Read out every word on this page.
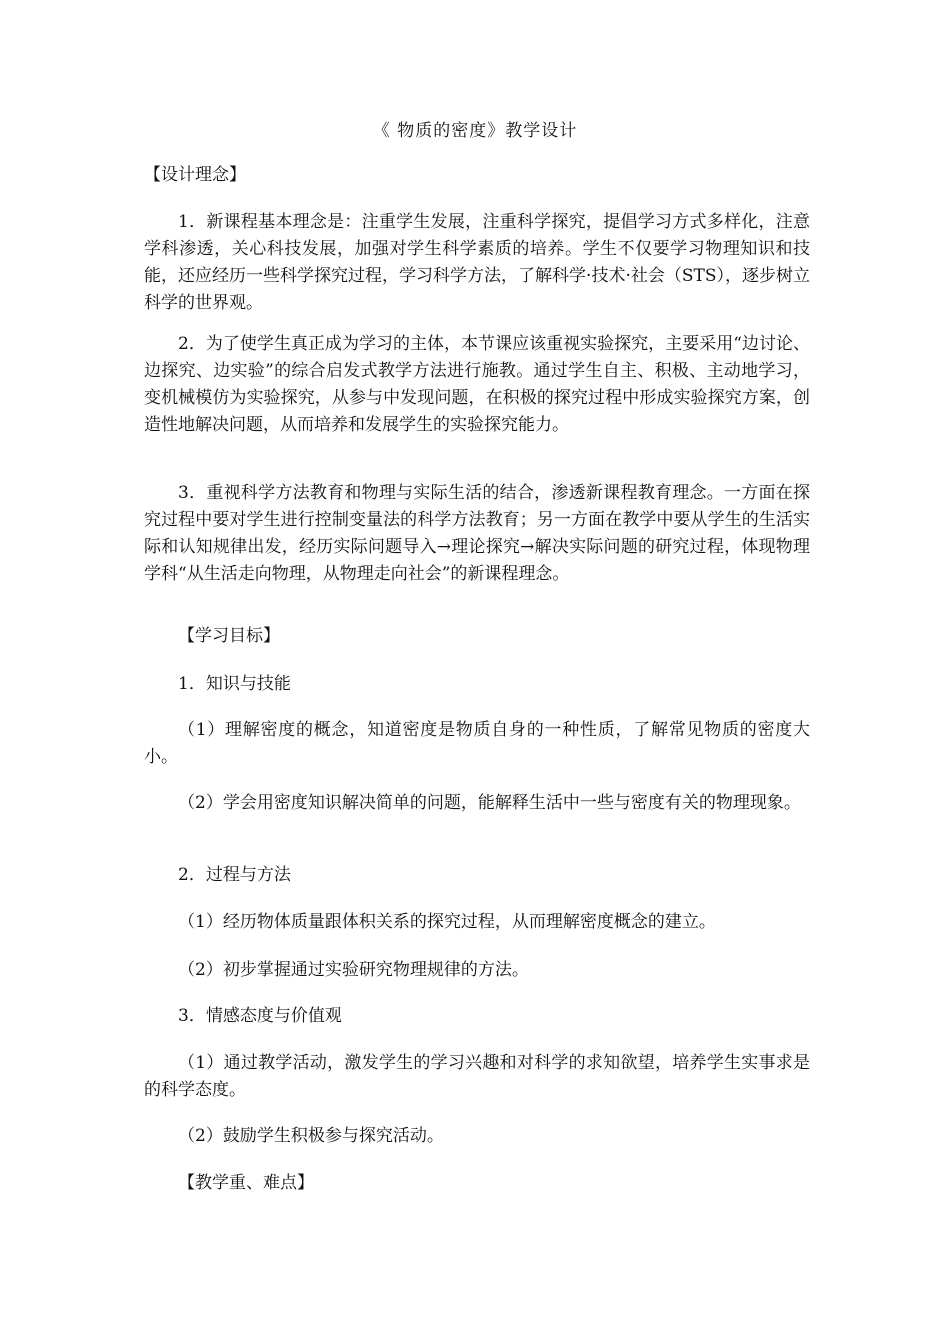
《 物质的密度》教学设计
【设计理念】
1．新课程基本理念是：注重学生发展，注重科学探究，提倡学习方式多样化，注意学科渗透，关心科技发展，加强对学生科学素质的培养。学生不仅要学习物理知识和技能，还应经历一些科学探究过程，学习科学方法，了解科学·技术·社会（STS），逐步树立科学的世界观。
2．为了使学生真正成为学习的主体，本节课应该重视实验探究，主要采用“边讨论、边探究、边实验”的综合启发式教学方法进行施教。通过学生自主、积极、主动地学习，变机械模仿为实验探究，从参与中发现问题，在积极的探究过程中形成实验探究方案，创造性地解决问题，从而培养和发展学生的实验探究能力。
3．重视科学方法教育和物理与实际生活的结合，渗透新课程教育理念。一方面在探究过程中要对学生进行控制变量法的科学方法教育；另一方面在教学中要从学生的生活实际和认知规律出发，经历实际问题导入→理论探究→解决实际问题的研究过程，体现物理学科“从生活走向物理，从物理走向社会”的新课程理念。
【学习目标】
1．知识与技能
（1）理解密度的概念，知道密度是物质自身的一种性质，了解常见物质的密度大小。
（2）学会用密度知识解决简单的问题，能解释生活中一些与密度有关的物理现象。
2．过程与方法
（1）经历物体质量跟体积关系的探究过程，从而理解密度概念的建立。
（2）初步掌握通过实验研究物理规律的方法。
3．情感态度与价值观
（1）通过教学活动，激发学生的学习兴趣和对科学的求知欲望，培养学生实事求是的科学态度。
（2）鼓励学生积极参与探究活动。
【教学重、难点】
